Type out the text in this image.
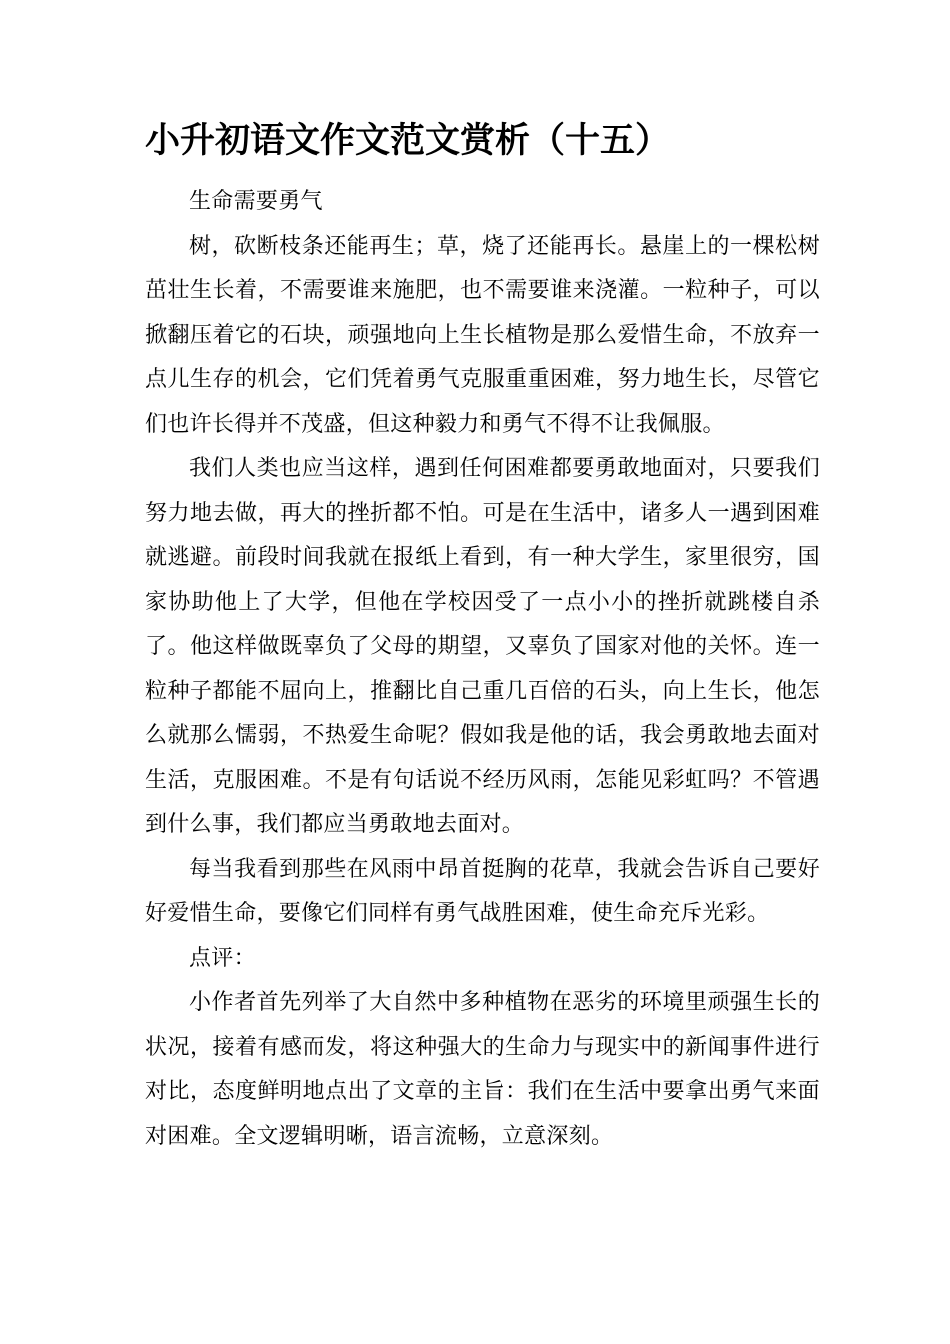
小升初语文作文范文赏析（十五）

生命需要勇气

树，砍断枝条还能再生；草，烧了还能再长。悬崖上的一棵松树茁壮生长着，不需要谁来施肥，也不需要谁来浇灌。一粒种子，可以掀翻压着它的石块，顽强地向上生长植物是那么爱惜生命，不放弃一点儿生存的机会，它们凭着勇气克服重重困难，努力地生长，尽管它们也许长得并不茂盛，但这种毅力和勇气不得不让我佩服。

我们人类也应当这样，遇到任何困难都要勇敢地面对，只要我们努力地去做，再大的挫折都不怕。可是在生活中，诸多人一遇到困难就逃避。前段时间我就在报纸上看到，有一种大学生，家里很穷，国家协助他上了大学，但他在学校因受了一点小小的挫折就跳楼自杀了。他这样做既辜负了父母的期望，又辜负了国家对他的关怀。连一粒种子都能不屈向上，推翻比自己重几百倍的石头，向上生长，他怎么就那么懦弱，不热爱生命呢？假如我是他的话，我会勇敢地去面对生活，克服困难。不是有句话说不经历风雨，怎能见彩虹吗？不管遇到什么事，我们都应当勇敢地去面对。

每当我看到那些在风雨中昂首挺胸的花草，我就会告诉自己要好好爱惜生命，要像它们同样有勇气战胜困难，使生命充斥光彩。

点评：

小作者首先列举了大自然中多种植物在恶劣的环境里顽强生长的状况，接着有感而发，将这种强大的生命力与现实中的新闻事件进行对比，态度鲜明地点出了文章的主旨：我们在生活中要拿出勇气来面对困难。全文逻辑明晰，语言流畅，立意深刻。
